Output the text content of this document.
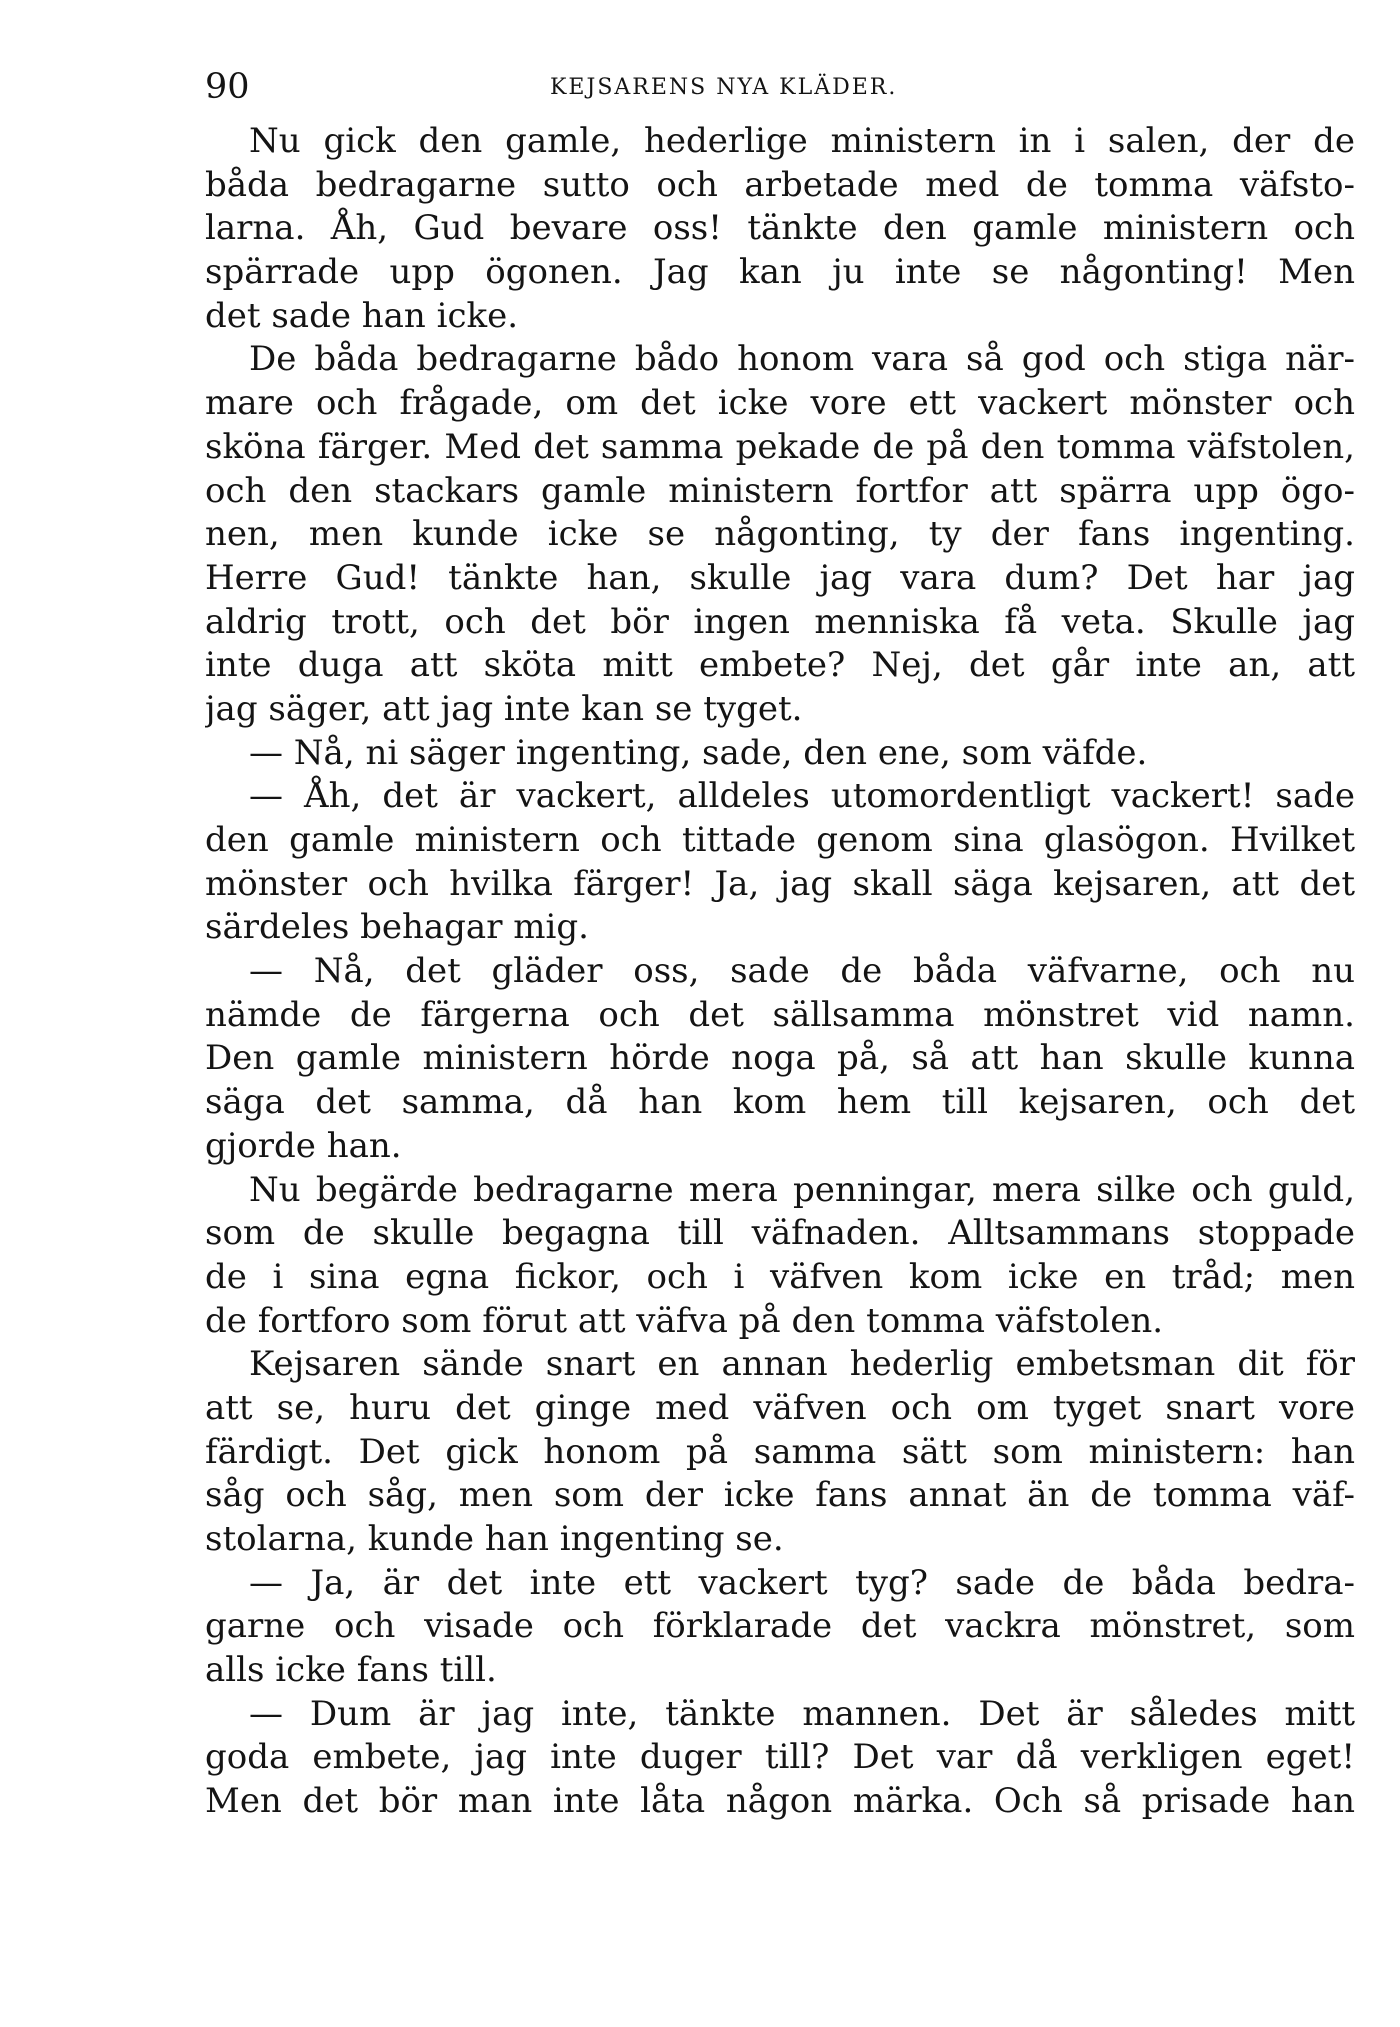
90	KEJSARENS NYA KLÄDER.
Nu gick den gamle, hederlige ministern in i salen, der de
båda bedragarne sutto och arbetade med de tomma väfsto-
larna. Åh, Gud bevare oss! tänkte den gamle ministern och
spärrade upp ögonen. Jag kan ju inte se någonting! Men
det sade han icke.
De båda bedragarne bådo honom vara så god och stiga när-
mare och frågade, om det icke vore ett vackert mönster och
sköna färger. Med det samma pekade de på den tomma väfstolen,
och den stackars gamle ministern fortfor att spärra upp ögo-
nen, men kunde icke se någonting, ty der fans ingenting.
Herre Gud! tänkte han, skulle jag vara dum? Det har jag
aldrig trott, och det bör ingen menniska få veta. Skulle jag
inte duga att sköta mitt embete? Nej, det går inte an, att
jag säger, att jag inte kan se tyget.
— Nå, ni säger ingenting, sade, den ene, som väfde.
— Åh, det är vackert, alldeles utomordentligt vackert! sade
den gamle ministern och tittade genom sina glasögon. Hvilket
mönster och hvilka färger! Ja, jag skall säga kejsaren, att det
särdeles behagar mig.
— Nå, det gläder oss, sade de båda väfvarne, och nu
nämde de färgerna och det sällsamma mönstret vid namn.
Den gamle ministern hörde noga på, så att han skulle kunna
säga det samma, då han kom hem till kejsaren, och det
gjorde han.
Nu begärde bedragarne mera penningar, mera silke och guld,
som de skulle begagna till väfnaden. Alltsammans stoppade
de i sina egna fickor, och i väfven kom icke en tråd; men
de fortforo som förut att väfva på den tomma väfstolen.
Kejsaren sände snart en annan hederlig embetsman dit för
att se, huru det ginge med väfven och om tyget snart vore
färdigt. Det gick honom på samma sätt som ministern: han
såg och såg, men som der icke fans annat än de tomma väf-
stolarna, kunde han ingenting se.
— Ja, är det inte ett vackert tyg? sade de båda bedra-
garne och visade och förklarade det vackra mönstret, som
alls icke fans till.
— Dum är jag inte, tänkte mannen. Det är således mitt
goda embete, jag inte duger till? Det var då verkligen eget!
Men det bör man inte låta någon märka. Och så prisade han
